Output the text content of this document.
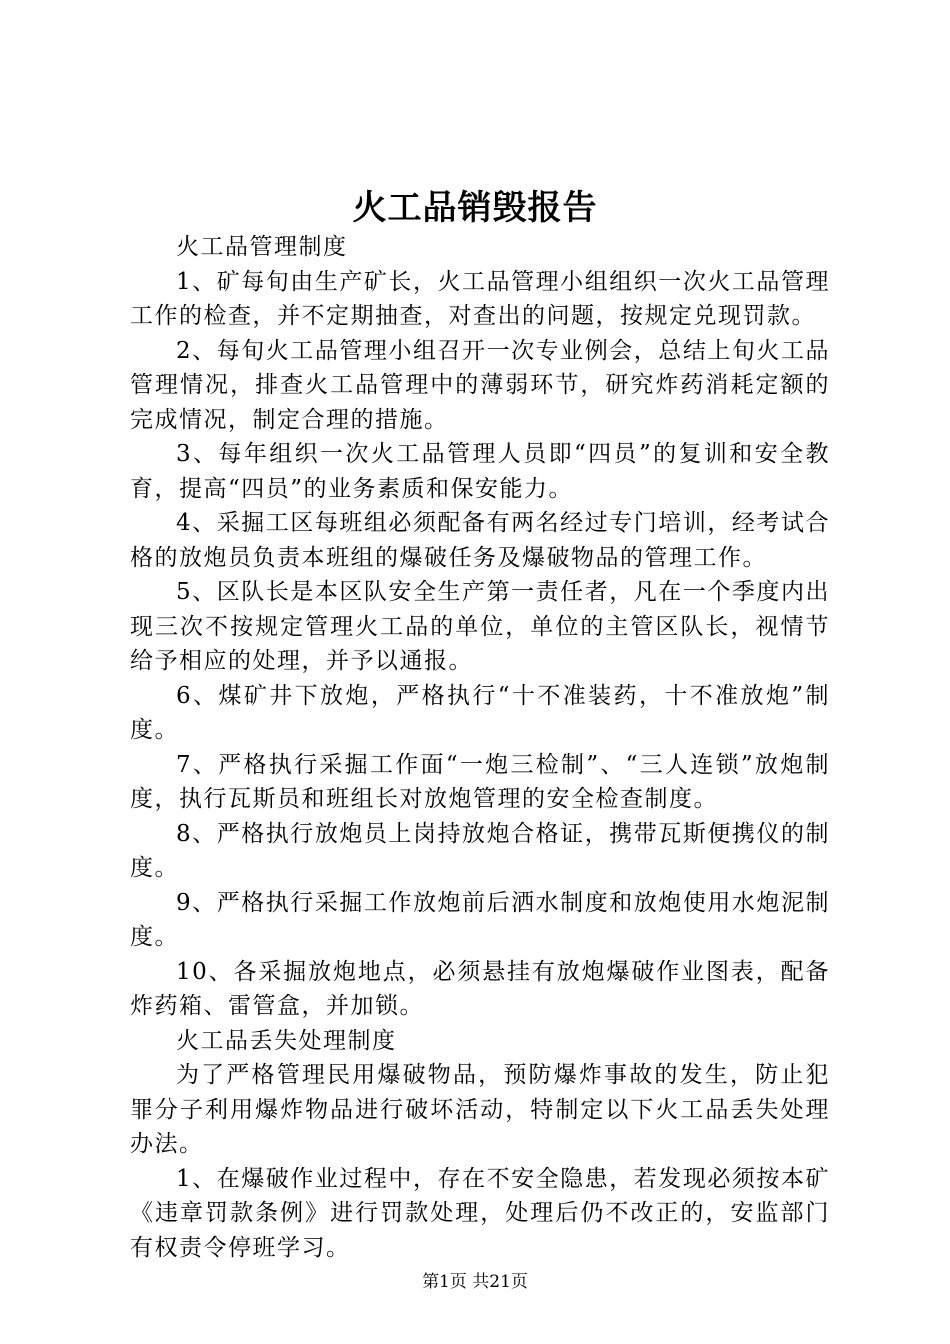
火工品销毁报告

火工品管理制度

1、矿每旬由生产矿长，火工品管理小组组织一次火工品管理工作的检查，并不定期抽查，对查出的问题，按规定兑现罚款。

2、每旬火工品管理小组召开一次专业例会，总结上旬火工品管理情况，排查火工品管理中的薄弱环节，研究炸药消耗定额的完成情况，制定合理的措施。

3、每年组织一次火工品管理人员即“四员”的复训和安全教育，提高“四员”的业务素质和保安能力。

4、采掘工区每班组必须配备有两名经过专门培训，经考试合格的放炮员负责本班组的爆破任务及爆破物品的管理工作。

5、区队长是本区队安全生产第一责任者，凡在一个季度内出现三次不按规定管理火工品的单位，单位的主管区队长，视情节给予相应的处理，并予以通报。

6、煤矿井下放炮，严格执行“十不准装药，十不准放炮”制度。

7、严格执行采掘工作面“一炮三检制”、“三人连锁”放炮制度，执行瓦斯员和班组长对放炮管理的安全检查制度。

8、严格执行放炮员上岗持放炮合格证，携带瓦斯便携仪的制度。

9、严格执行采掘工作放炮前后洒水制度和放炮使用水炮泥制度。

10、各采掘放炮地点，必须悬挂有放炮爆破作业图表，配备炸药箱、雷管盒，并加锁。

火工品丢失处理制度

为了严格管理民用爆破物品，预防爆炸事故的发生，防止犯罪分子利用爆炸物品进行破坏活动，特制定以下火工品丢失处理办法。

1、在爆破作业过程中，存在不安全隐患，若发现必须按本矿《违章罚款条例》进行罚款处理，处理后仍不改正的，安监部门有权责令停班学习。

第1页 共21页
